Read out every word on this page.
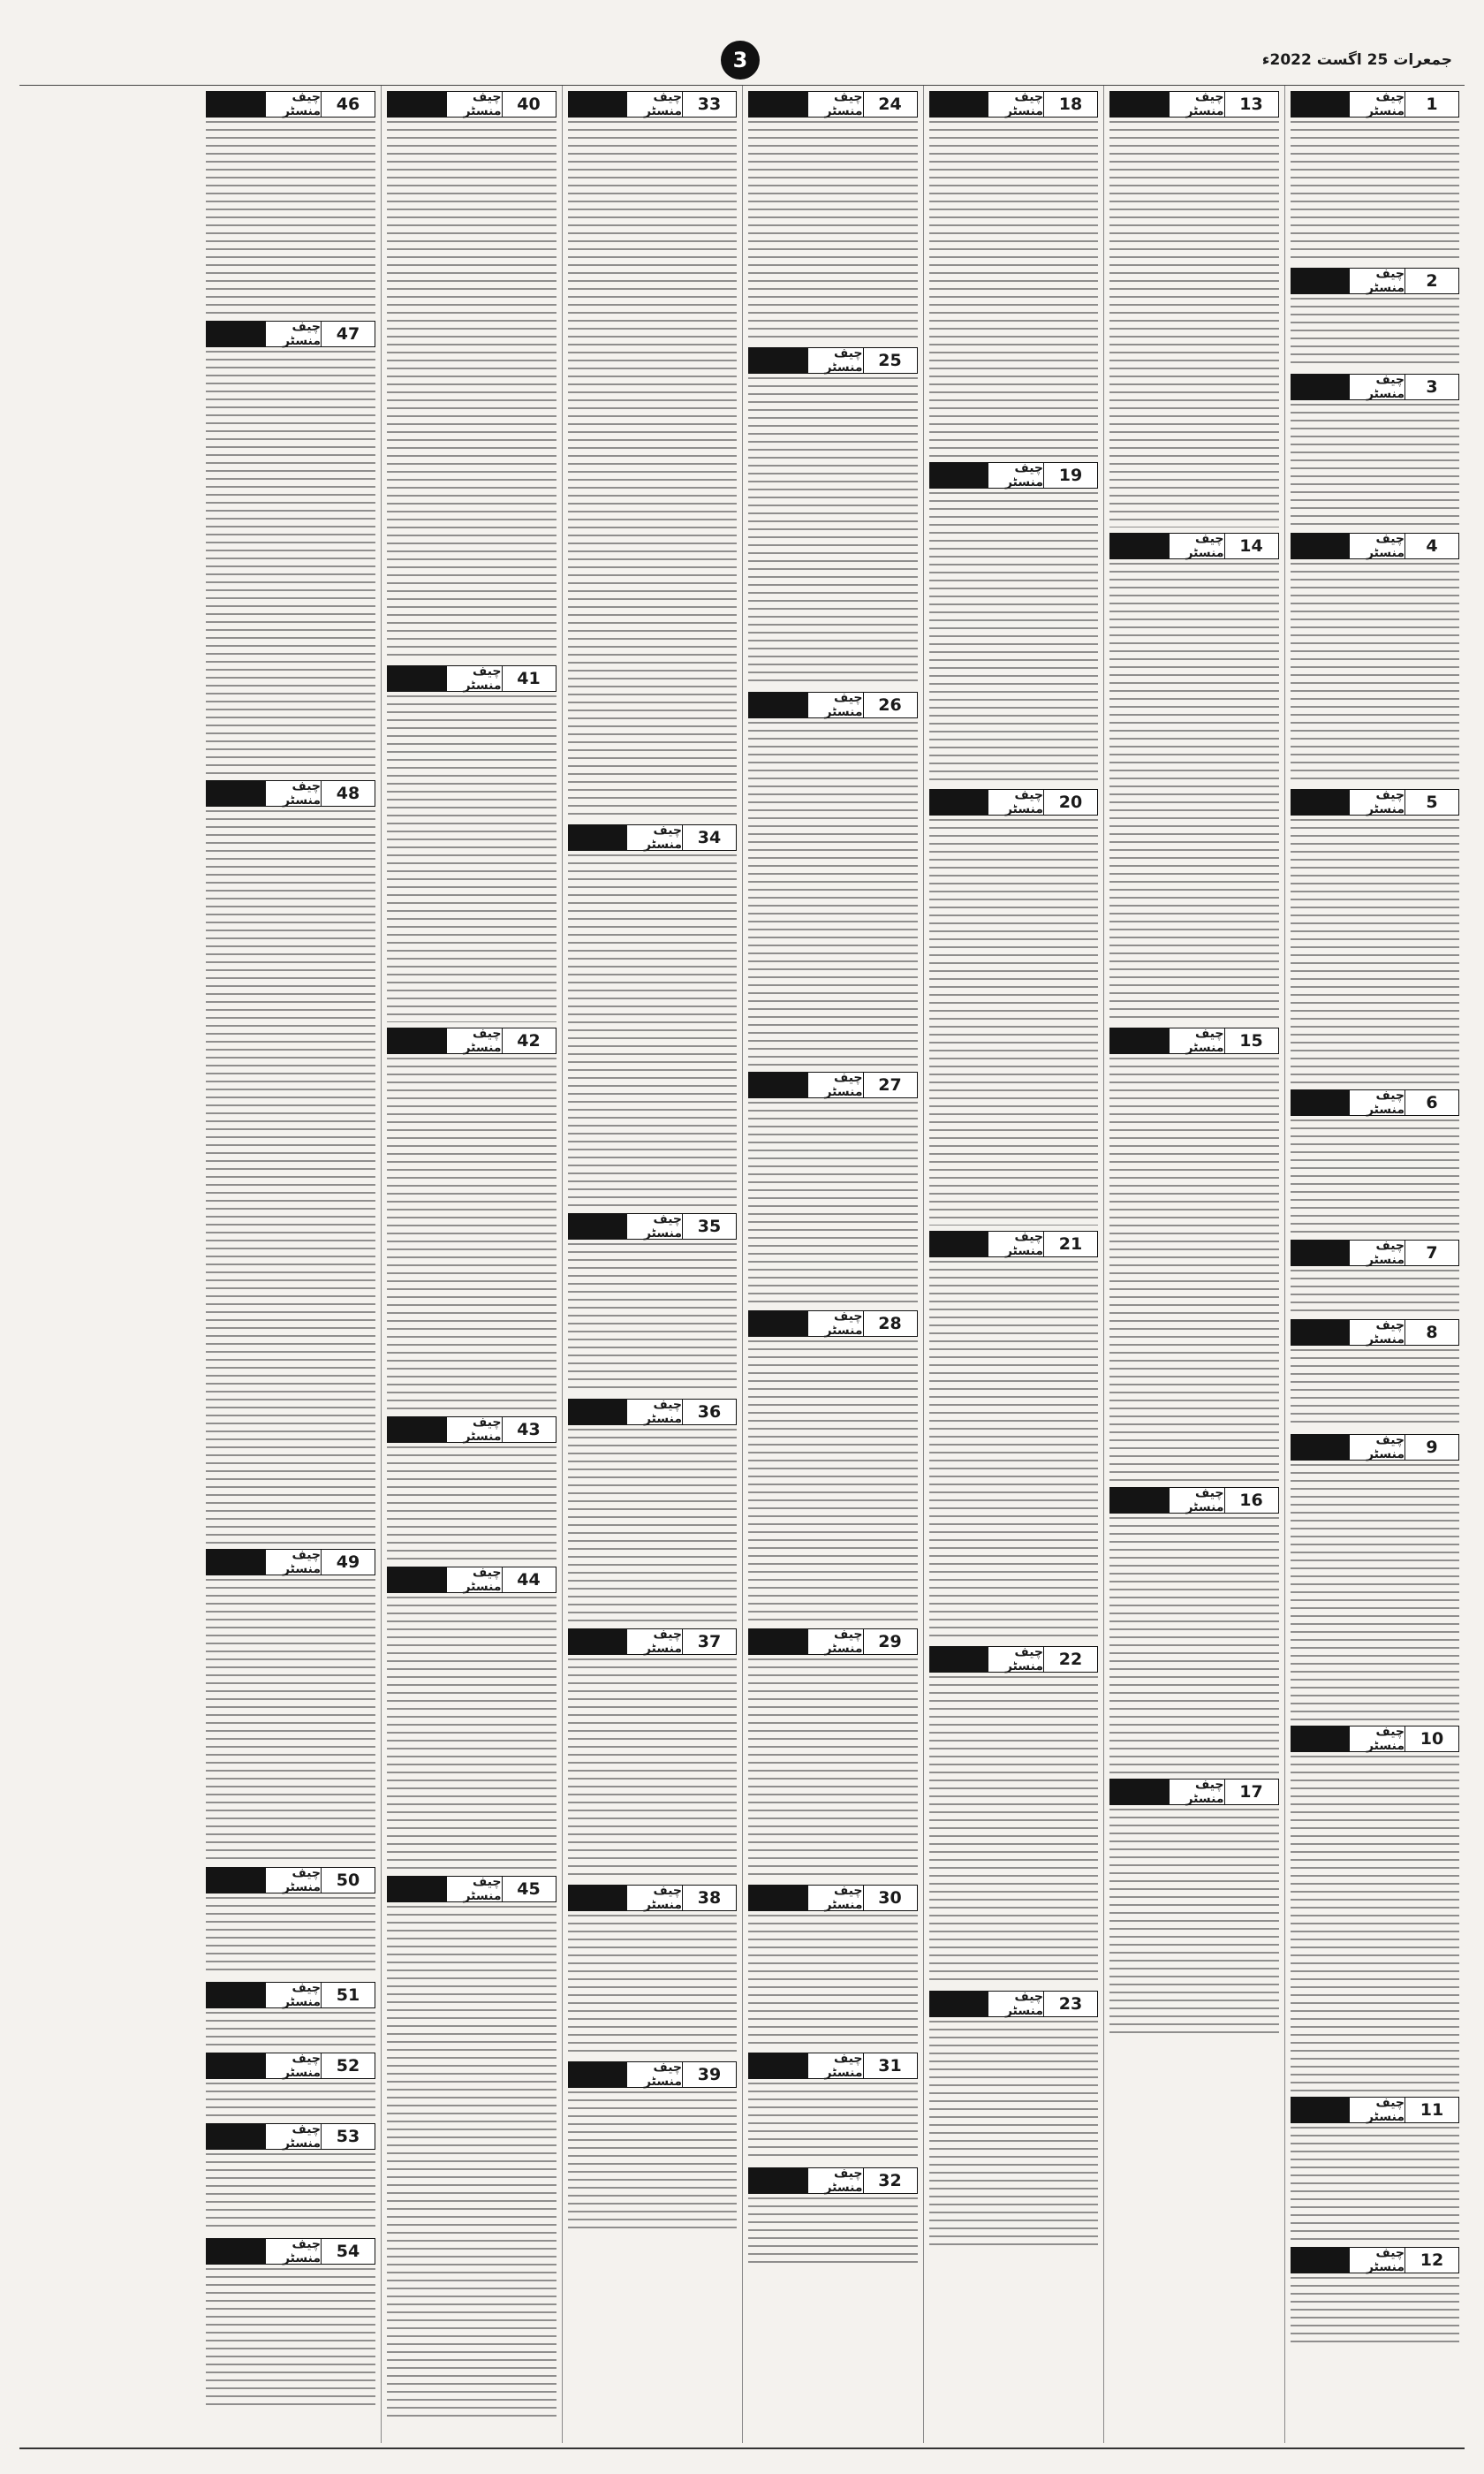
3	جمعرات 25 اگست 2022ء
1
چیف منسٹر
2
چیف منسٹر
3
چیف منسٹر
4
چیف منسٹر
5
چیف منسٹر
6
چیف منسٹر
7
چیف منسٹر
8
چیف منسٹر
9
چیف منسٹر
10
چیف منسٹر
11
چیف منسٹر
12
چیف منسٹر
13
چیف منسٹر
14
چیف منسٹر
15
چیف منسٹر
16
چیف منسٹر
17
چیف منسٹر
18
چیف منسٹر
19
چیف منسٹر
20
چیف منسٹر
21
چیف منسٹر
22
چیف منسٹر
23
چیف منسٹر
24
چیف منسٹر
25
چیف منسٹر
26
چیف منسٹر
27
چیف منسٹر
28
چیف منسٹر
29
چیف منسٹر
30
چیف منسٹر
31
چیف منسٹر
32
چیف منسٹر
33
چیف منسٹر
34
چیف منسٹر
35
چیف منسٹر
36
چیف منسٹر
37
چیف منسٹر
38
چیف منسٹر
39
چیف منسٹر
40
چیف منسٹر
41
چیف منسٹر
42
چیف منسٹر
43
چیف منسٹر
44
چیف منسٹر
45
چیف منسٹر
46
چیف منسٹر
47
چیف منسٹر
48
چیف منسٹر
49
چیف منسٹر
50
چیف منسٹر
51
چیف منسٹر
52
چیف منسٹر
53
چیف منسٹر
54
چیف منسٹر
